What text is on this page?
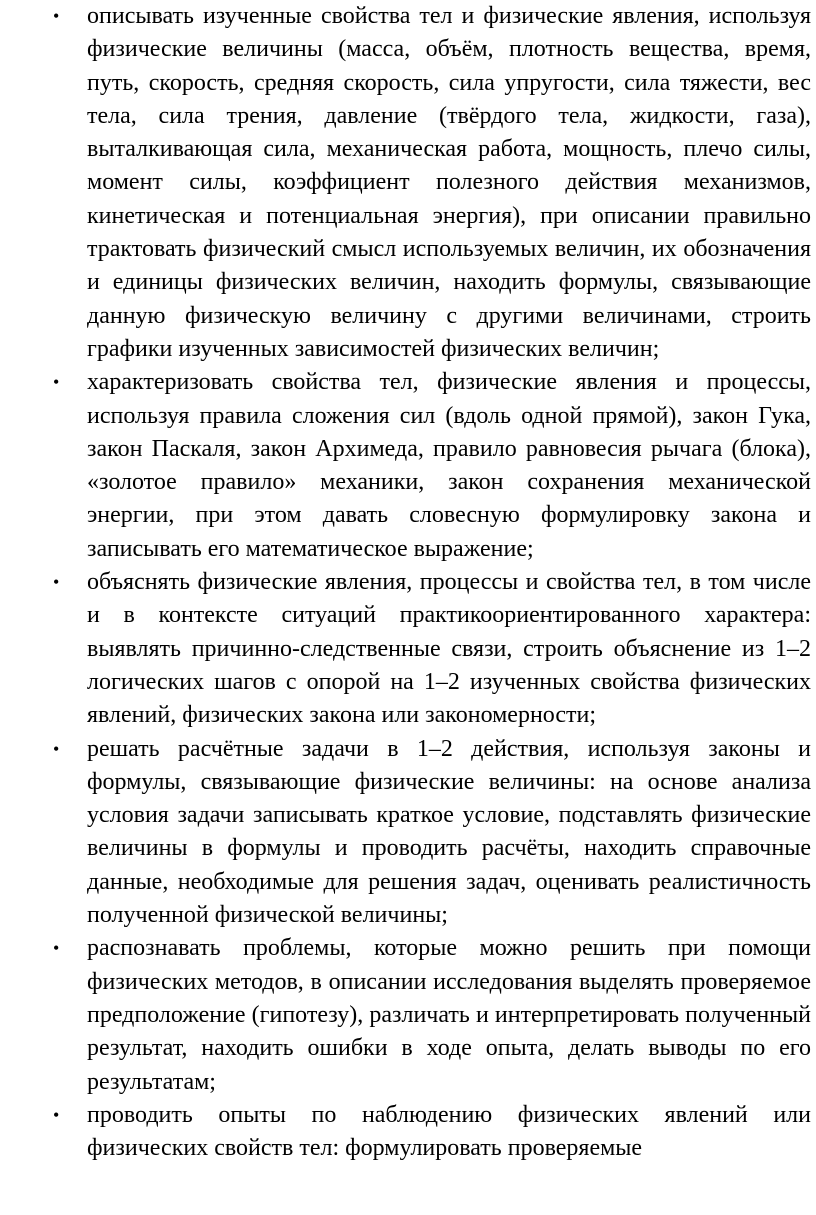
• описывать изученные свойства тел и физические явления, используя физические величины (масса, объём, плотность вещества, время, путь, скорость, средняя скорость, сила упругости, сила тяжести, вес тела, сила трения, давление (твёрдого тела, жидкости, газа), выталкивающая сила, механическая работа, мощность, плечо силы, момент силы, коэффициент полезного действия механизмов, кинетическая и потенциальная энергия), при описании правильно трактовать физический смысл используемых величин, их обозначения и единицы физических величин, находить формулы, связывающие данную физическую величину с другими величинами, строить графики изученных зависимостей физических величин;
• характеризовать свойства тел, физические явления и процессы, используя правила сложения сил (вдоль одной прямой), закон Гука, закон Паскаля, закон Архимеда, правило равновесия рычага (блока), «золотое правило» механики, закон сохранения механической энергии, при этом давать словесную формулировку закона и записывать его математическое выражение;
• объяснять физические явления, процессы и свойства тел, в том числе и в контексте ситуаций практикоориентированного характера: выявлять причинно-следственные связи, строить объяснение из 1–2 логических шагов с опорой на 1–2 изученных свойства физических явлений, физических закона или закономерности;
• решать расчётные задачи в 1–2 действия, используя законы и формулы, связывающие физические величины: на основе анализа условия задачи записывать краткое условие, подставлять физические величины в формулы и проводить расчёты, находить справочные данные, необходимые для решения задач, оценивать реалистичность полученной физической величины;
• распознавать проблемы, которые можно решить при помощи физических методов, в описании исследования выделять проверяемое предположение (гипотезу), различать и интерпретировать полученный результат, находить ошибки в ходе опыта, делать выводы по его результатам;
• проводить опыты по наблюдению физических явлений или физических свойств тел: формулировать проверяемые
